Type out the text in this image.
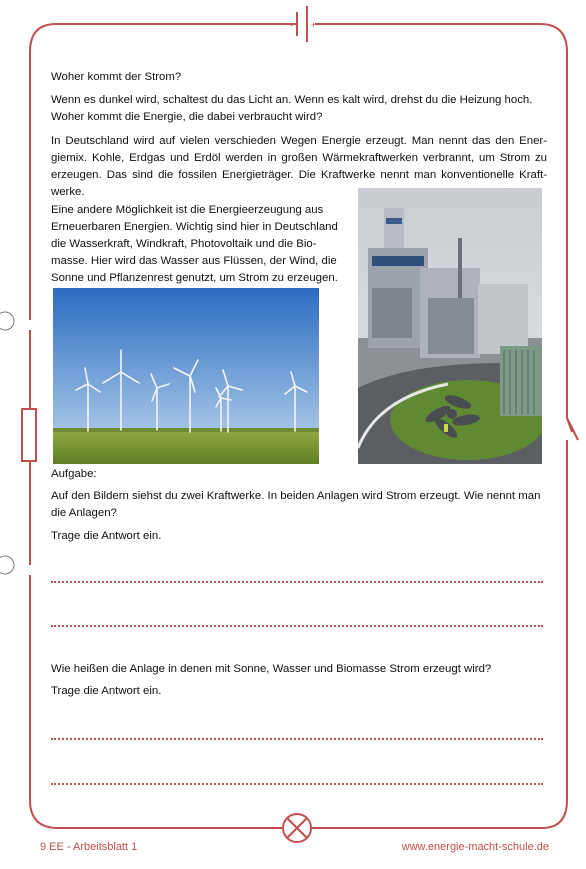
- +

Woher kommt der Strom?

Wenn es dunkel wird, schaltest du das Licht an. Wenn es kalt wird, drehst du die Heizung hoch. Woher kommt die Energie, die dabei verbraucht wird?

In Deutschland wird auf vielen verschieden Wegen Energie erzeugt. Man nennt das den Ener-giemix. Kohle, Erdgas und Erdöl werden in großen Wärmekraftwerken verbrannt, um Strom zu erzeugen. Das sind die fossilen Energieträger. Die Kraftwerke nennt man konventionelle Kraft-werke.

Eine andere Möglichkeit ist die Energieerzeugung aus Erneuerbaren Energien. Wichtig sind hier in Deutschland die Wasserkraft, Windkraft, Photovoltaik und die Bio-masse. Hier wird das Wasser aus Flüssen, der Wind, die Sonne und Pflanzenrest genutzt, um Strom zu erzeugen.

Aufgabe:

Auf den Bildern siehst du zwei Kraftwerke. In beiden Anlagen wird Strom erzeugt. Wie nennt man die Anlagen?

Trage die Antwort ein.

Wie heißen die Anlage in denen mit Sonne, Wasser und Biomasse Strom erzeugt wird?

Trage die Antwort ein.

9 EE - Arbeitsblatt 1	www.energie-macht-schule.de
